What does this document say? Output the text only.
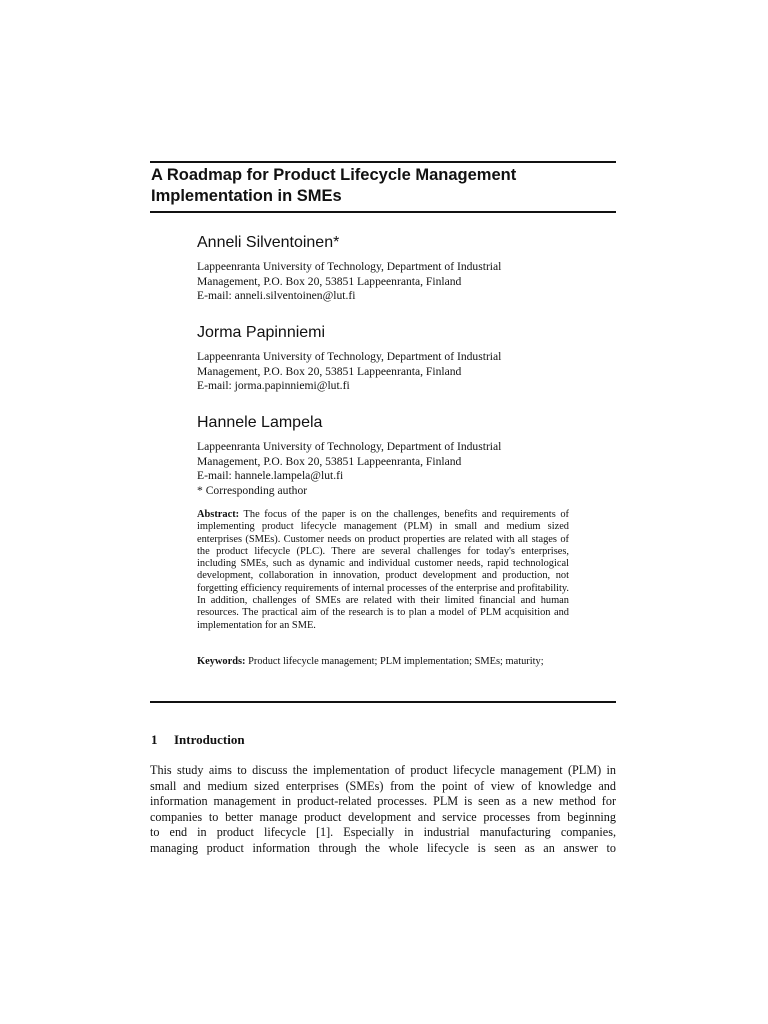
A Roadmap for Product Lifecycle Management
Implementation in SMEs
Anneli Silventoinen*
Lappeenranta University of Technology, Department of Industrial
Management, P.O. Box 20, 53851 Lappeenranta, Finland
E-mail: anneli.silventoinen@lut.fi
Jorma Papinniemi
Lappeenranta University of Technology, Department of Industrial
Management, P.O. Box 20, 53851 Lappeenranta, Finland
E-mail: jorma.papinniemi@lut.fi
Hannele Lampela
Lappeenranta University of Technology, Department of Industrial
Management, P.O. Box 20, 53851 Lappeenranta, Finland
E-mail: hannele.lampela@lut.fi
* Corresponding author
Abstract: The focus of the paper is on the challenges, benefits and requirements of implementing product lifecycle management (PLM) in small and medium sized enterprises (SMEs). Customer needs on product properties are related with all stages of the product lifecycle (PLC). There are several challenges for today's enterprises, including SMEs, such as dynamic and individual customer needs, rapid technological development, collaboration in innovation, product development and production, not forgetting efficiency requirements of internal processes of the enterprise and profitability. In addition, challenges of SMEs are related with their limited financial and human resources. The practical aim of the research is to plan a model of PLM acquisition and implementation for an SME.
Keywords: Product lifecycle management; PLM implementation; SMEs; maturity;
1 Introduction
This study aims to discuss the implementation of product lifecycle management (PLM) in
small and medium sized enterprises (SMEs) from the point of view of knowledge and
information management in product-related processes. PLM is seen as a new method for
companies to better manage product development and service processes from beginning
to end in product lifecycle [1]. Especially in industrial manufacturing companies,
managing product information through the whole lifecycle is seen as an answer to
